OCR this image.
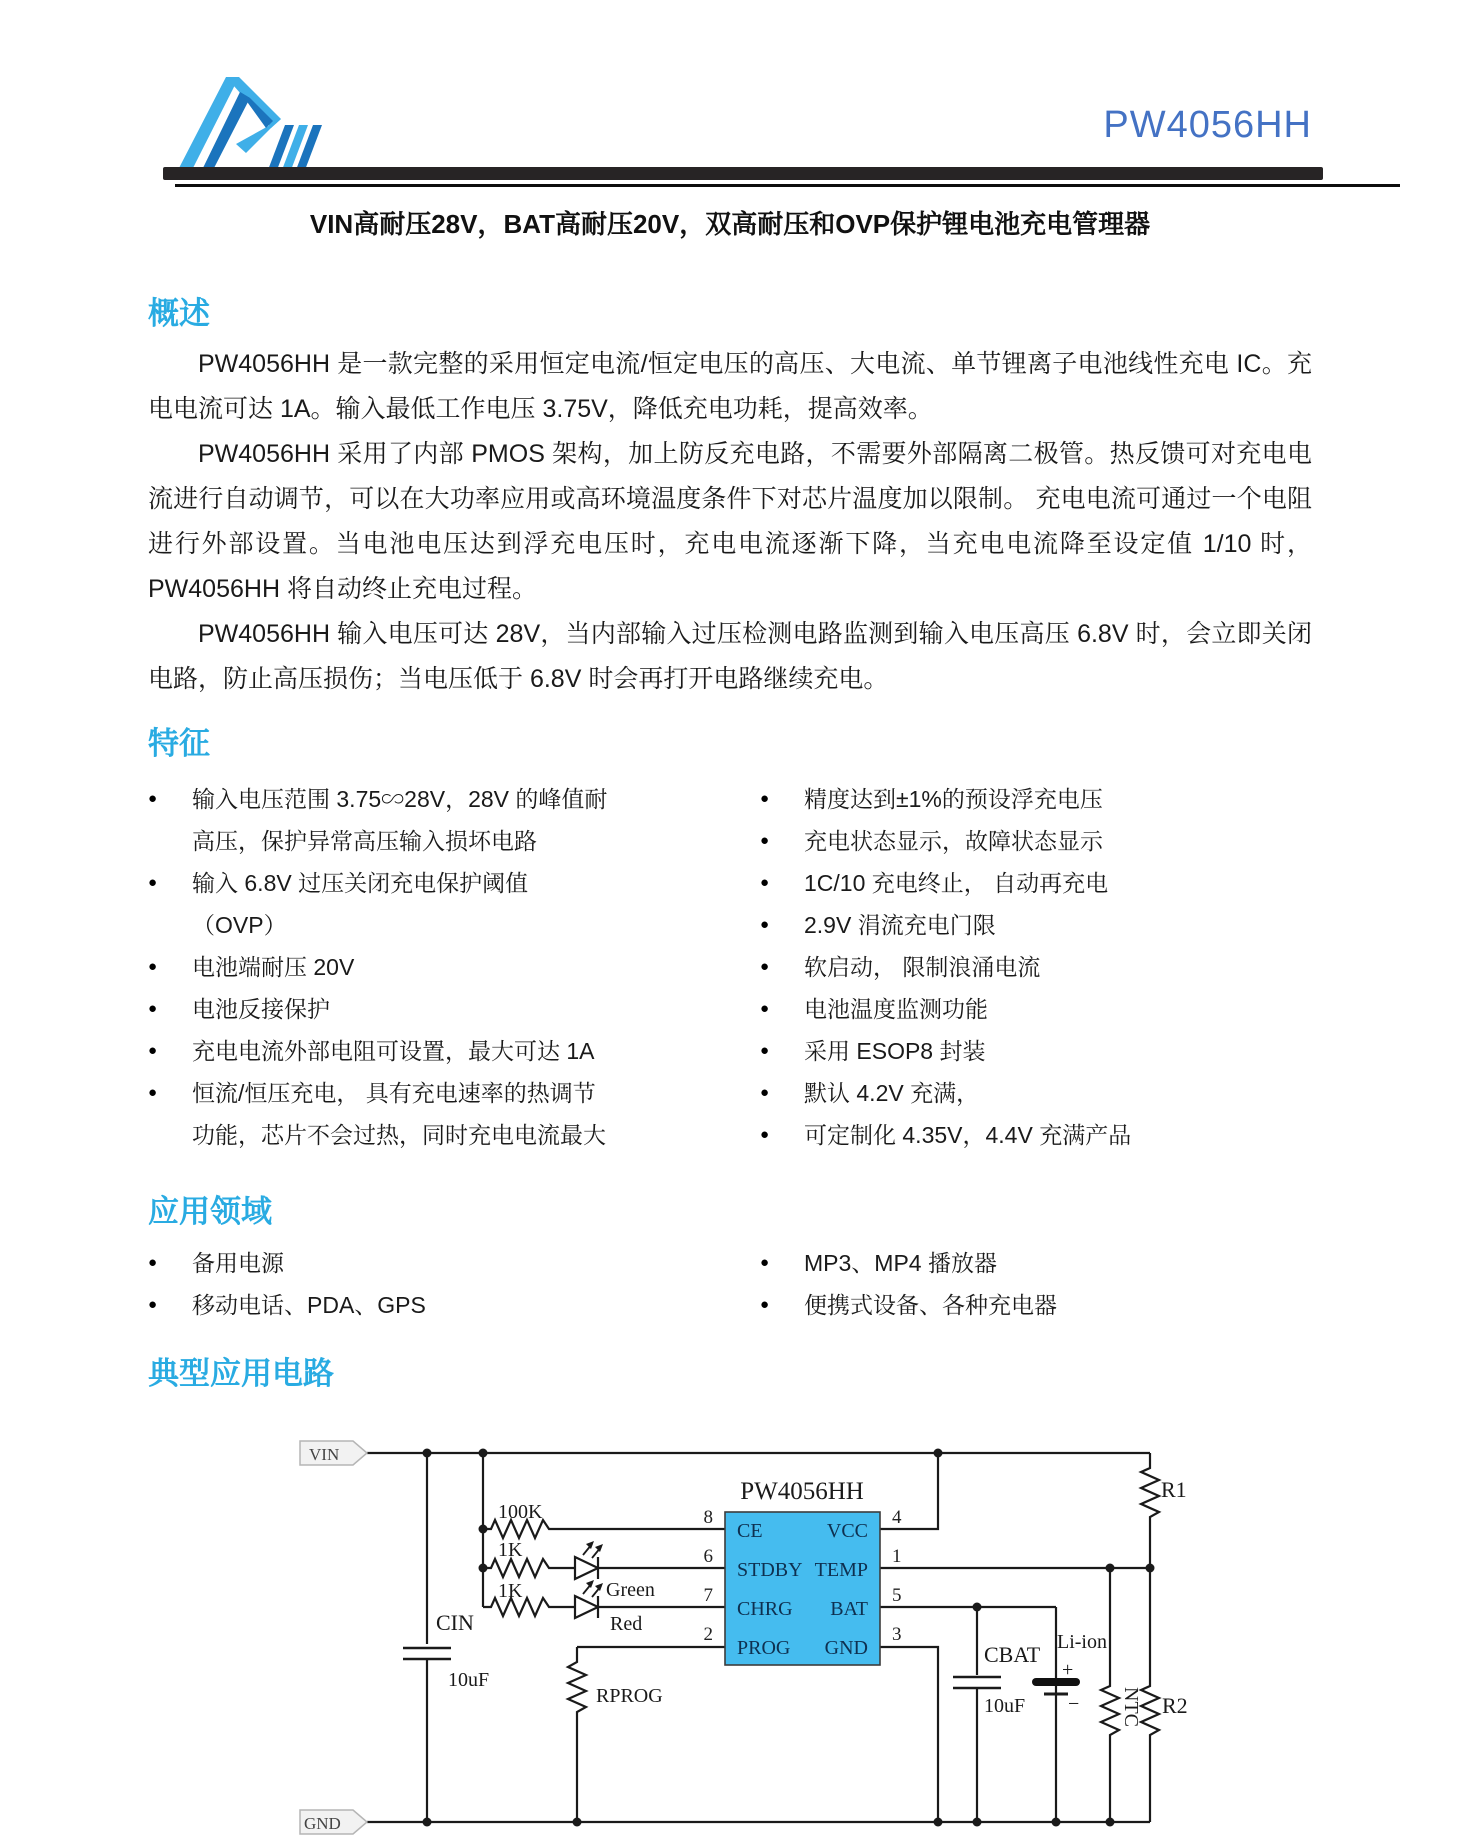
PW4056HH
VIN高耐压28V，BAT高耐压20V，双高耐压和OVP保护锂电池充电管理器
概述

PW4056HH 是一款完整的采用恒定电流/恒定电压的高压、大电流、单节锂离子电池线性充电 IC。充电电流可达 1A。输入最低工作电压 3.75V，降低充电功耗，提高效率。

PW4056HH 采用了内部 PMOS 架构，加上防反充电路，不需要外部隔离二极管。热反馈可对充电电流进行自动调节，可以在大功率应用或高环境温度条件下对芯片温度加以限制。 充电电流可通过一个电阻进行外部设置。当电池电压达到浮充电压时，充电电流逐渐下降，当充电电流降至设定值 1/10 时，PW4056HH 将自动终止充电过程。

PW4056HH 输入电压可达 28V，当内部输入过压检测电路监测到输入电压高压 6.8V 时，会立即关闭电路，防止高压损伤；当电压低于 6.8V 时会再打开电路继续充电。

特征
●	输入电压范围 3.75∽28V，28V 的峰值耐
高压，保护异常高压输入损坏电路
●	输入 6.8V 过压关闭充电保护阈值
（OVP）
●	电池端耐压 20V
●	电池反接保护
●	充电电流外部电阻可设置，最大可达 1A
●	恒流/恒压充电， 具有充电速率的热调节
功能，芯片不会过热，同时充电电流最大
●	精度达到±1%的预设浮充电压
●	充电状态显示，故障状态显示
●	1C/10 充电终止， 自动再充电
●	2.9V 涓流充电门限
●	软启动， 限制浪涌电流
●	电池温度监测功能
●	采用 ESOP8 封装
●	默认 4.2V 充满，
●	可定制化 4.35V，4.4V 充满产品
应用领域
●	备用电源
●	移动电话、PDA、GPS
●	MP3、MP4 播放器
●	便携式设备、各种充电器
典型应用电路
VIN
GND
PW4056HH
CE
STDBY
CHRG
PROG
VCC
TEMP
BAT
GND
8
6
7
2
4
1
5
3
100K
1K
1K	Green
Red
CIN
10uF
RPROG
CBAT
10uF
Li-ion
+
− NTC
R1
R2
